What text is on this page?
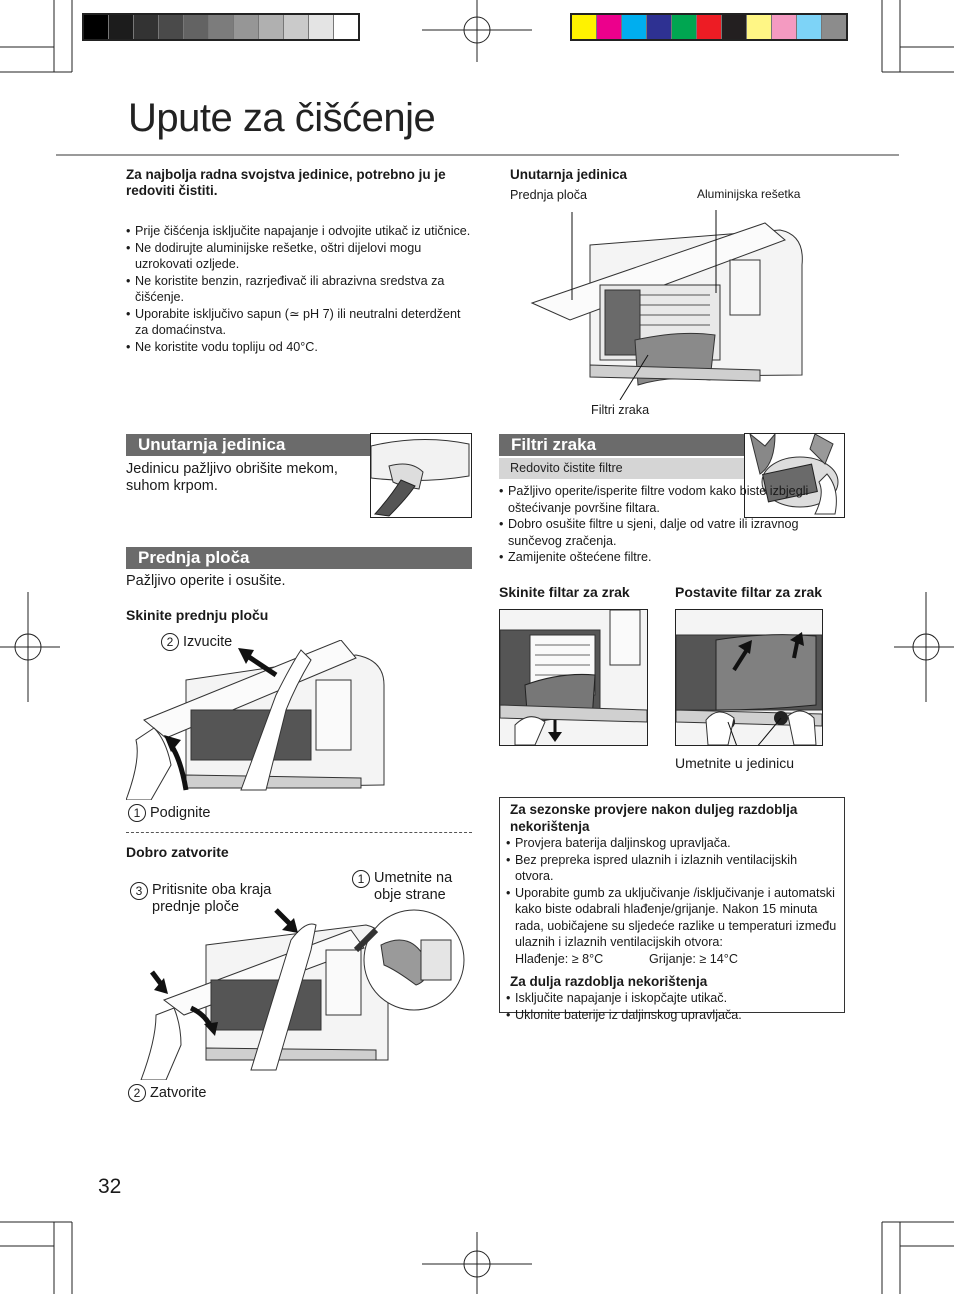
Upute za čišćenje
Za najbolja radna svojstva jedinice, potrebno ju je redoviti čistiti.
• Prije čišćenja isključite napajanje i odvojite utikač iz utičnice.
• Ne dodirujte aluminijske rešetke, oštri dijelovi mogu uzrokovati ozljede.
• Ne koristite benzin, razrjeđivač ili abrazivna sredstva za čišćenje.
• Uporabite isključivo sapun (≃ pH 7) ili neutralni deterdžent za domaćinstva.
• Ne koristite vodu topliju od 40°C.
Unutarnja jedinica
Prednja ploča	Aluminijska rešetka
Filtri zraka
Unutarnja jedinica
Jedinicu pažljivo obrišite mekom, suhom krpom.
Prednja ploča
Pažljivo operite i osušite.
Skinite prednju ploču
2 Izvucite
1 Podignite
Dobro zatvorite
1 Umetnite na obje strane
3 Pritisnite oba kraja prednje ploče
2 Zatvorite
Filtri zraka
Redovito čistite filtre
• Pažljivo operite/isperite filtre vodom kako biste izbjegli oštećivanje površine filtara.
• Dobro osušite filtre u sjeni, dalje od vatre ili izravnog sunčevog zračenja.
• Zamijenite oštećene filtre.
Skinite filtar za zrak	Postavite filtar za zrak
Umetnite u jedinicu
Za sezonske provjere nakon duljeg razdoblja nekorištenja
• Provjera baterija daljinskog upravljača.
• Bez prepreka ispred ulaznih i izlaznih ventilacijskih otvora.
• Uporabite gumb za uključivanje /isključivanje i automatski kako biste odabrali hlađenje/grijanje. Nakon 15 minuta rada, uobičajene su sljedeće razlike u temperaturi između ulaznih i izlaznih ventilacijskih otvora:
Hlađenje: ≥ 8°C	Grijanje: ≥ 14°C
Za dulja razdoblja nekorištenja
• Isključite napajanje i iskopčajte utikač.
• Uklonite baterije iz daljinskog upravljača.
32
